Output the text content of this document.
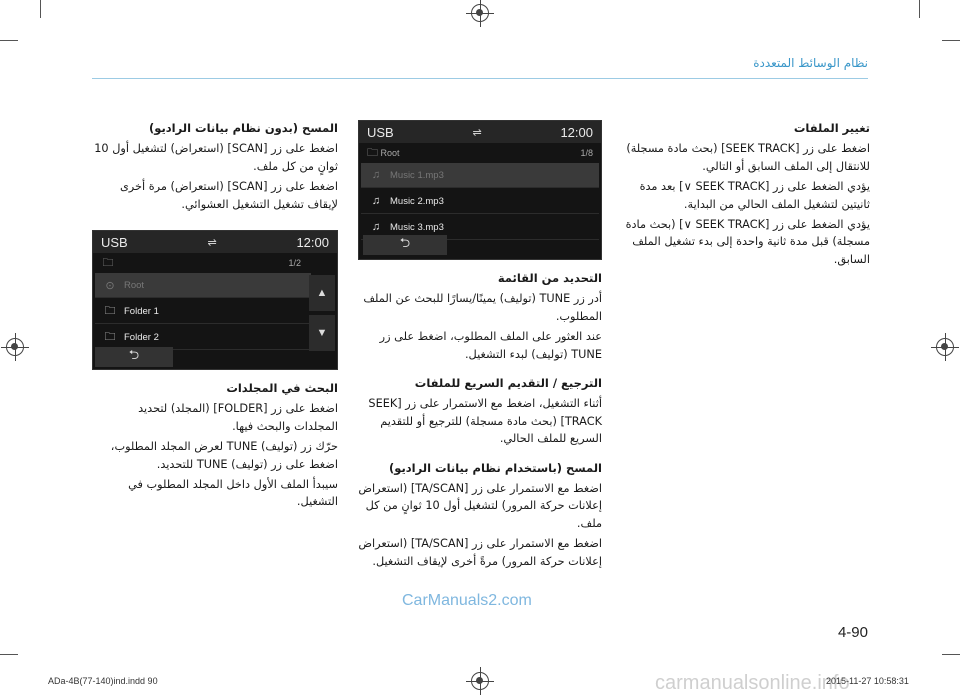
نظام الوسائط المتعددة
تغيير الملفات

اضغط على زر [SEEK TRACK] (بحث مادة مسجلة) للانتقال إلى الملف السابق أو التالي.

يؤدي الضغط على زر [SEEK TRACK ∨] بعد مدة ثانيتين لتشغيل الملف الحالي من البداية.

يؤدي الضغط على زر [SEEK TRACK ∨] (بحث مادة مسجلة) قبل مدة ثانية واحدة إلى بدء تشغيل الملف السابق.

التحديد من القائمة

أدر زر TUNE (تولیف) يمينًا/يسارًا للبحث عن الملف المطلوب.

عند العثور على الملف المطلوب، اضغط على زر TUNE (تولیف) لبدء التشغيل.

الترجيع / التقديم السريع للملفات

أثناء التشغيل، اضغط مع الاستمرار على زر [SEEK TRACK] (بحث مادة مسجلة) للترجيع أو للتقديم السريع للملف الحالي.

المسح (باستخدام نظام بيانات الراديو)

اضغط مع الاستمرار على زر [TA/SCAN] (استعراض إعلانات حركة المرور) لتشغيل أول 10 ثوانٍ من كل ملف.

اضغط مع الاستمرار على زر [TA/SCAN] (استعراض إعلانات حركة المرور) مرةً أخرى لإيقاف التشغيل.

المسح (بدون نظام بيانات الراديو)

اضغط على زر [SCAN] (استعراض) لتشغيل أول 10 ثوانٍ من كل ملف.

اضغط على زر [SCAN] (استعراض) مرة أخرى لإيقاف تشغيل التشغيل العشوائي.

البحث في المجلدات

اضغط على زر [FOLDER] (المجلد) لتحديد المجلدات والبحث فيها.

حرّك زر (تولیف) TUNE لعرض المجلد المطلوب، اضغط على زر (تولیف) TUNE للتحديد.

سيبدأ الملف الأول داخل المجلد المطلوب في التشغيل.

USB	⇌	12:00
🗀	1/2
⊙ Root
🗀 Folder 1
🗀 Folder 2
▲
▼
⮌
USB	⇌	12:00
🗀 Root	1/8
♫	Music 1.mp3
♫	Music 2.mp3
♫	Music 3.mp3
⮌
CarManuals2.com
4-90
ADa-4B(77-140)ind.indd 90	carmanualsonline.info
2015-11-27 10:58:31
